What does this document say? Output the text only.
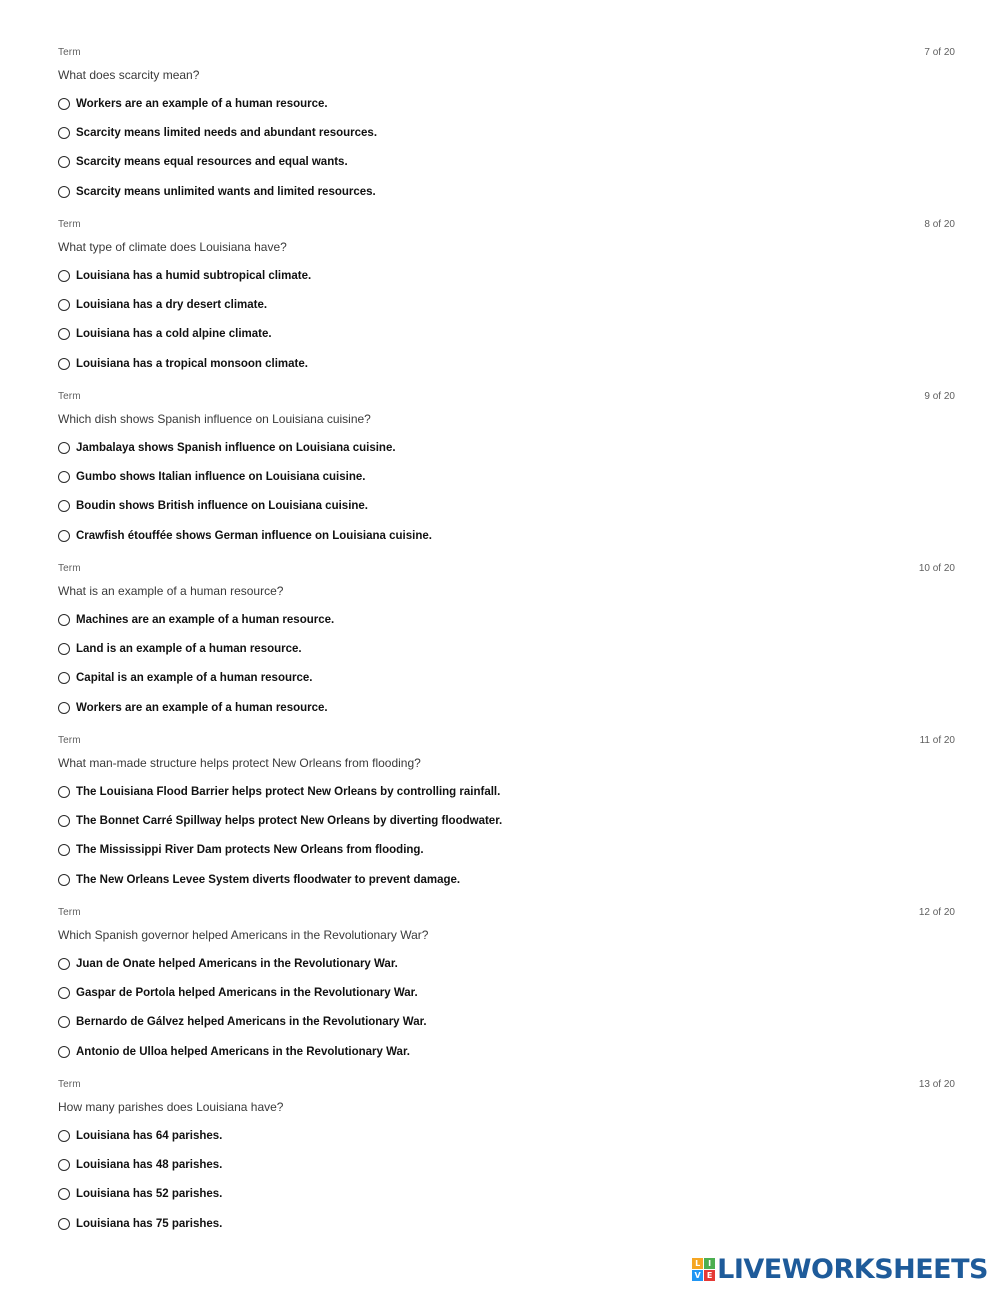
Term	7 of 20
What does scarcity mean?
Workers are an example of a human resource.
Scarcity means limited needs and abundant resources.
Scarcity means equal resources and equal wants.
Scarcity means unlimited wants and limited resources.
Term	8 of 20
What type of climate does Louisiana have?
Louisiana has a humid subtropical climate.
Louisiana has a dry desert climate.
Louisiana has a cold alpine climate.
Louisiana has a tropical monsoon climate.
Term	9 of 20
Which dish shows Spanish influence on Louisiana cuisine?
Jambalaya shows Spanish influence on Louisiana cuisine.
Gumbo shows Italian influence on Louisiana cuisine.
Boudin shows British influence on Louisiana cuisine.
Crawfish étouffée shows German influence on Louisiana cuisine.
Term	10 of 20
What is an example of a human resource?
Machines are an example of a human resource.
Land is an example of a human resource.
Capital is an example of a human resource.
Workers are an example of a human resource.
Term	11 of 20
What man-made structure helps protect New Orleans from flooding?
The Louisiana Flood Barrier helps protect New Orleans by controlling rainfall.
The Bonnet Carré Spillway helps protect New Orleans by diverting floodwater.
The Mississippi River Dam protects New Orleans from flooding.
The New Orleans Levee System diverts floodwater to prevent damage.
Term	12 of 20
Which Spanish governor helped Americans in the Revolutionary War?
Juan de Onate helped Americans in the Revolutionary War.
Gaspar de Portola helped Americans in the Revolutionary War.
Bernardo de Gálvez helped Americans in the Revolutionary War.
Antonio de Ulloa helped Americans in the Revolutionary War.
Term	13 of 20
How many parishes does Louisiana have?
Louisiana has 64 parishes.
Louisiana has 48 parishes.
Louisiana has 52 parishes.
Louisiana has 75 parishes.
L I
V E LIVEWORKSHEETS
